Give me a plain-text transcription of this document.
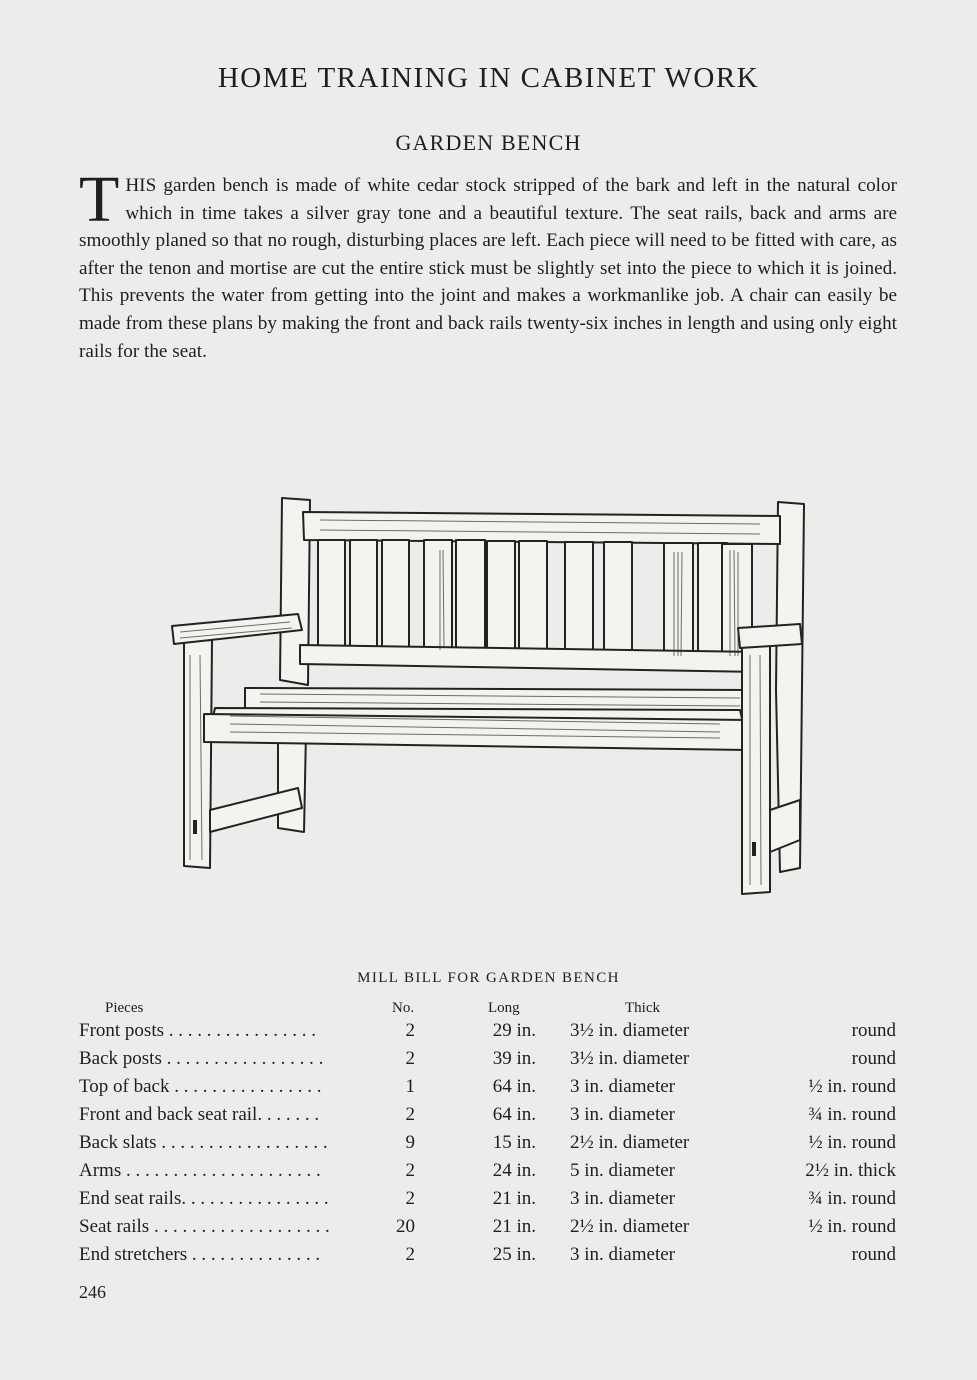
HOME TRAINING IN CABINET WORK
GARDEN BENCH

THIS garden bench is made of white cedar stock stripped of the bark and left in the natural color which in time takes a silver gray tone and a beautiful texture. The seat rails, back and arms are smoothly planed so that no rough, disturbing places are left. Each piece will need to be fitted with care, as after the tenon and mortise are cut the entire stick must be slightly set into the piece to which it is joined. This prevents the water from getting into the joint and makes a workmanlike job. A chair can easily be made from these plans by making the front and back rails twenty-six inches in length and using only eight rails for the seat.

MILL BILL FOR GARDEN BENCH
Pieces	No.	Long	Thick
Front posts . . . . . . . . . . . . . . . .	2	29 in. 3½ in. diameter	round
Back posts . . . . . . . . . . . . . . . . .	2	39 in. 3½ in. diameter	round
Top of back . . . . . . . . . . . . . . . .	1	64 in. 3 in. diameter	½ in. round
Front and back seat rail. . . . . . .	2	64 in. 3 in. diameter	¾ in. round
Back slats . . . . . . . . . . . . . . . . . .	9	15 in. 2½ in. diameter	½ in. round
Arms . . . . . . . . . . . . . . . . . . . . .	2	24 in. 5 in. diameter	2½ in. thick
End seat rails. . . . . . . . . . . . . . . .	2	21 in. 3 in. diameter	¾ in. round
Seat rails . . . . . . . . . . . . . . . . . . .	20	21 in. 2½ in. diameter	½ in. round
End stretchers . . . . . . . . . . . . . .	2	25 in. 3 in. diameter	round
246
